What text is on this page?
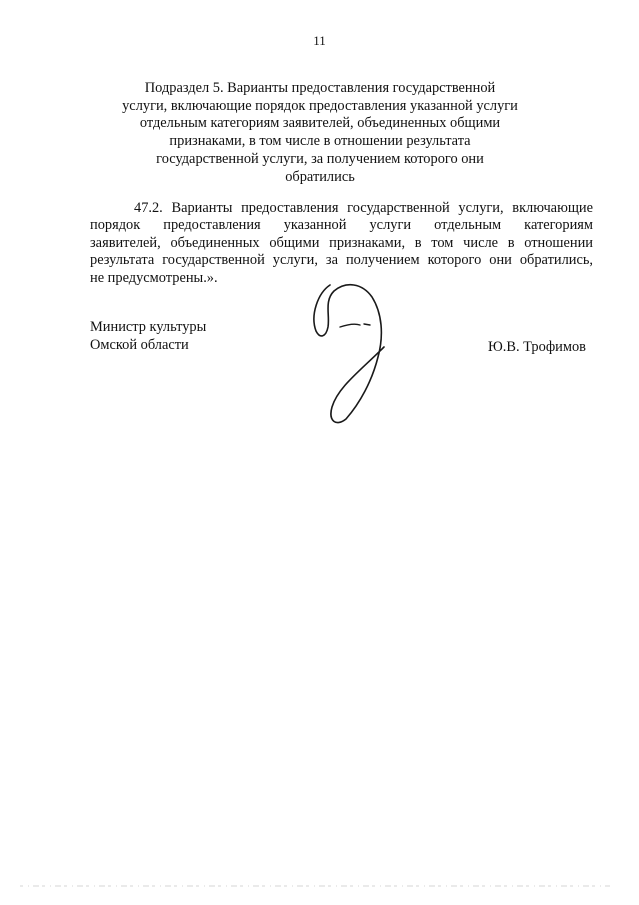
11
Подраздел 5. Варианты предоставления государственной
услуги, включающие порядок предоставления указанной услуги
отдельным категориям заявителей, объединенных общими
признаками, в том числе в отношении результата
государственной услуги, за получением которого они
обратились
47.2. Варианты предоставления государственной услуги, включающие
порядок предоставления указанной услуги отдельным категориям
заявителей, объединенных общими признаками, в том числе в отношении
результата государственной услуги, за получением которого они обратились,
не предусмотрены.».
Министр культуры
Омской области	Ю.В. Трофимов
